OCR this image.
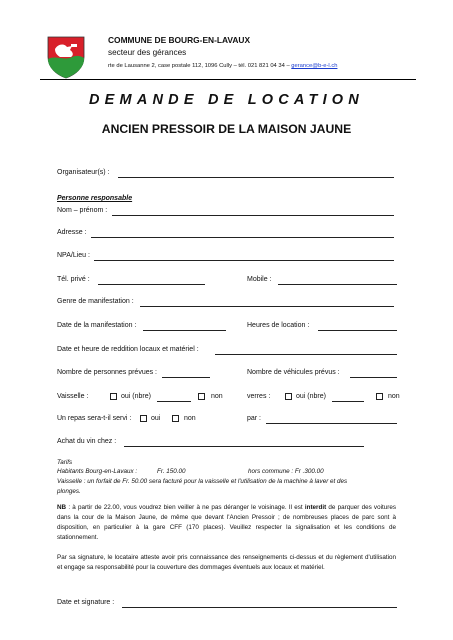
COMMUNE DE BOURG-EN-LAVAUX
secteur des gérances
rte de Lausanne 2, case postale 112, 1096 Cully – tél. 021 821 04 34 – gerance@b-e-l.ch
DEMANDE DE LOCATION
ANCIEN PRESSOIR DE LA MAISON JAUNE
Organisateur(s) :
Personne responsable
Nom – prénom :
Adresse :
NPA/Lieu :
Tél. privé :	Mobile :
Genre de manifestation :
Date de la manifestation :	Heures de location :
Date et heure de reddition locaux et matériel :
Nombre de personnes prévues :	Nombre de véhicules prévus :
Vaisselle :	oui (nbre)	non	verres :	oui (nbre)	non
Un repas sera-t-il servi :	oui	non	par :
Achat du vin chez :
Tarifs
Habitants Bourg-en-Lavaux :	Fr. 150.00	hors commune : Fr .300.00
Vaisselle : un forfait de Fr. 50.00 sera facturé pour la vaisselle et l'utilisation de la machine à laver et des
plonges.
NB : à partir de 22.00, vous voudrez bien veiller à ne pas déranger le voisinage. Il est interdit de parquer des voitures dans la cour de la Maison Jaune, de même que devant l'Ancien Pressoir ; de nombreuses places de parc sont à disposition, en particulier à la gare CFF (170 places). Veuillez respecter la signalisation et les conditions de stationnement.
Par sa signature, le locataire atteste avoir pris connaissance des renseignements ci-dessus et du règlement d'utilisation et engage sa responsabilité pour la couverture des dommages éventuels aux locaux et matériel.
Date et signature :
